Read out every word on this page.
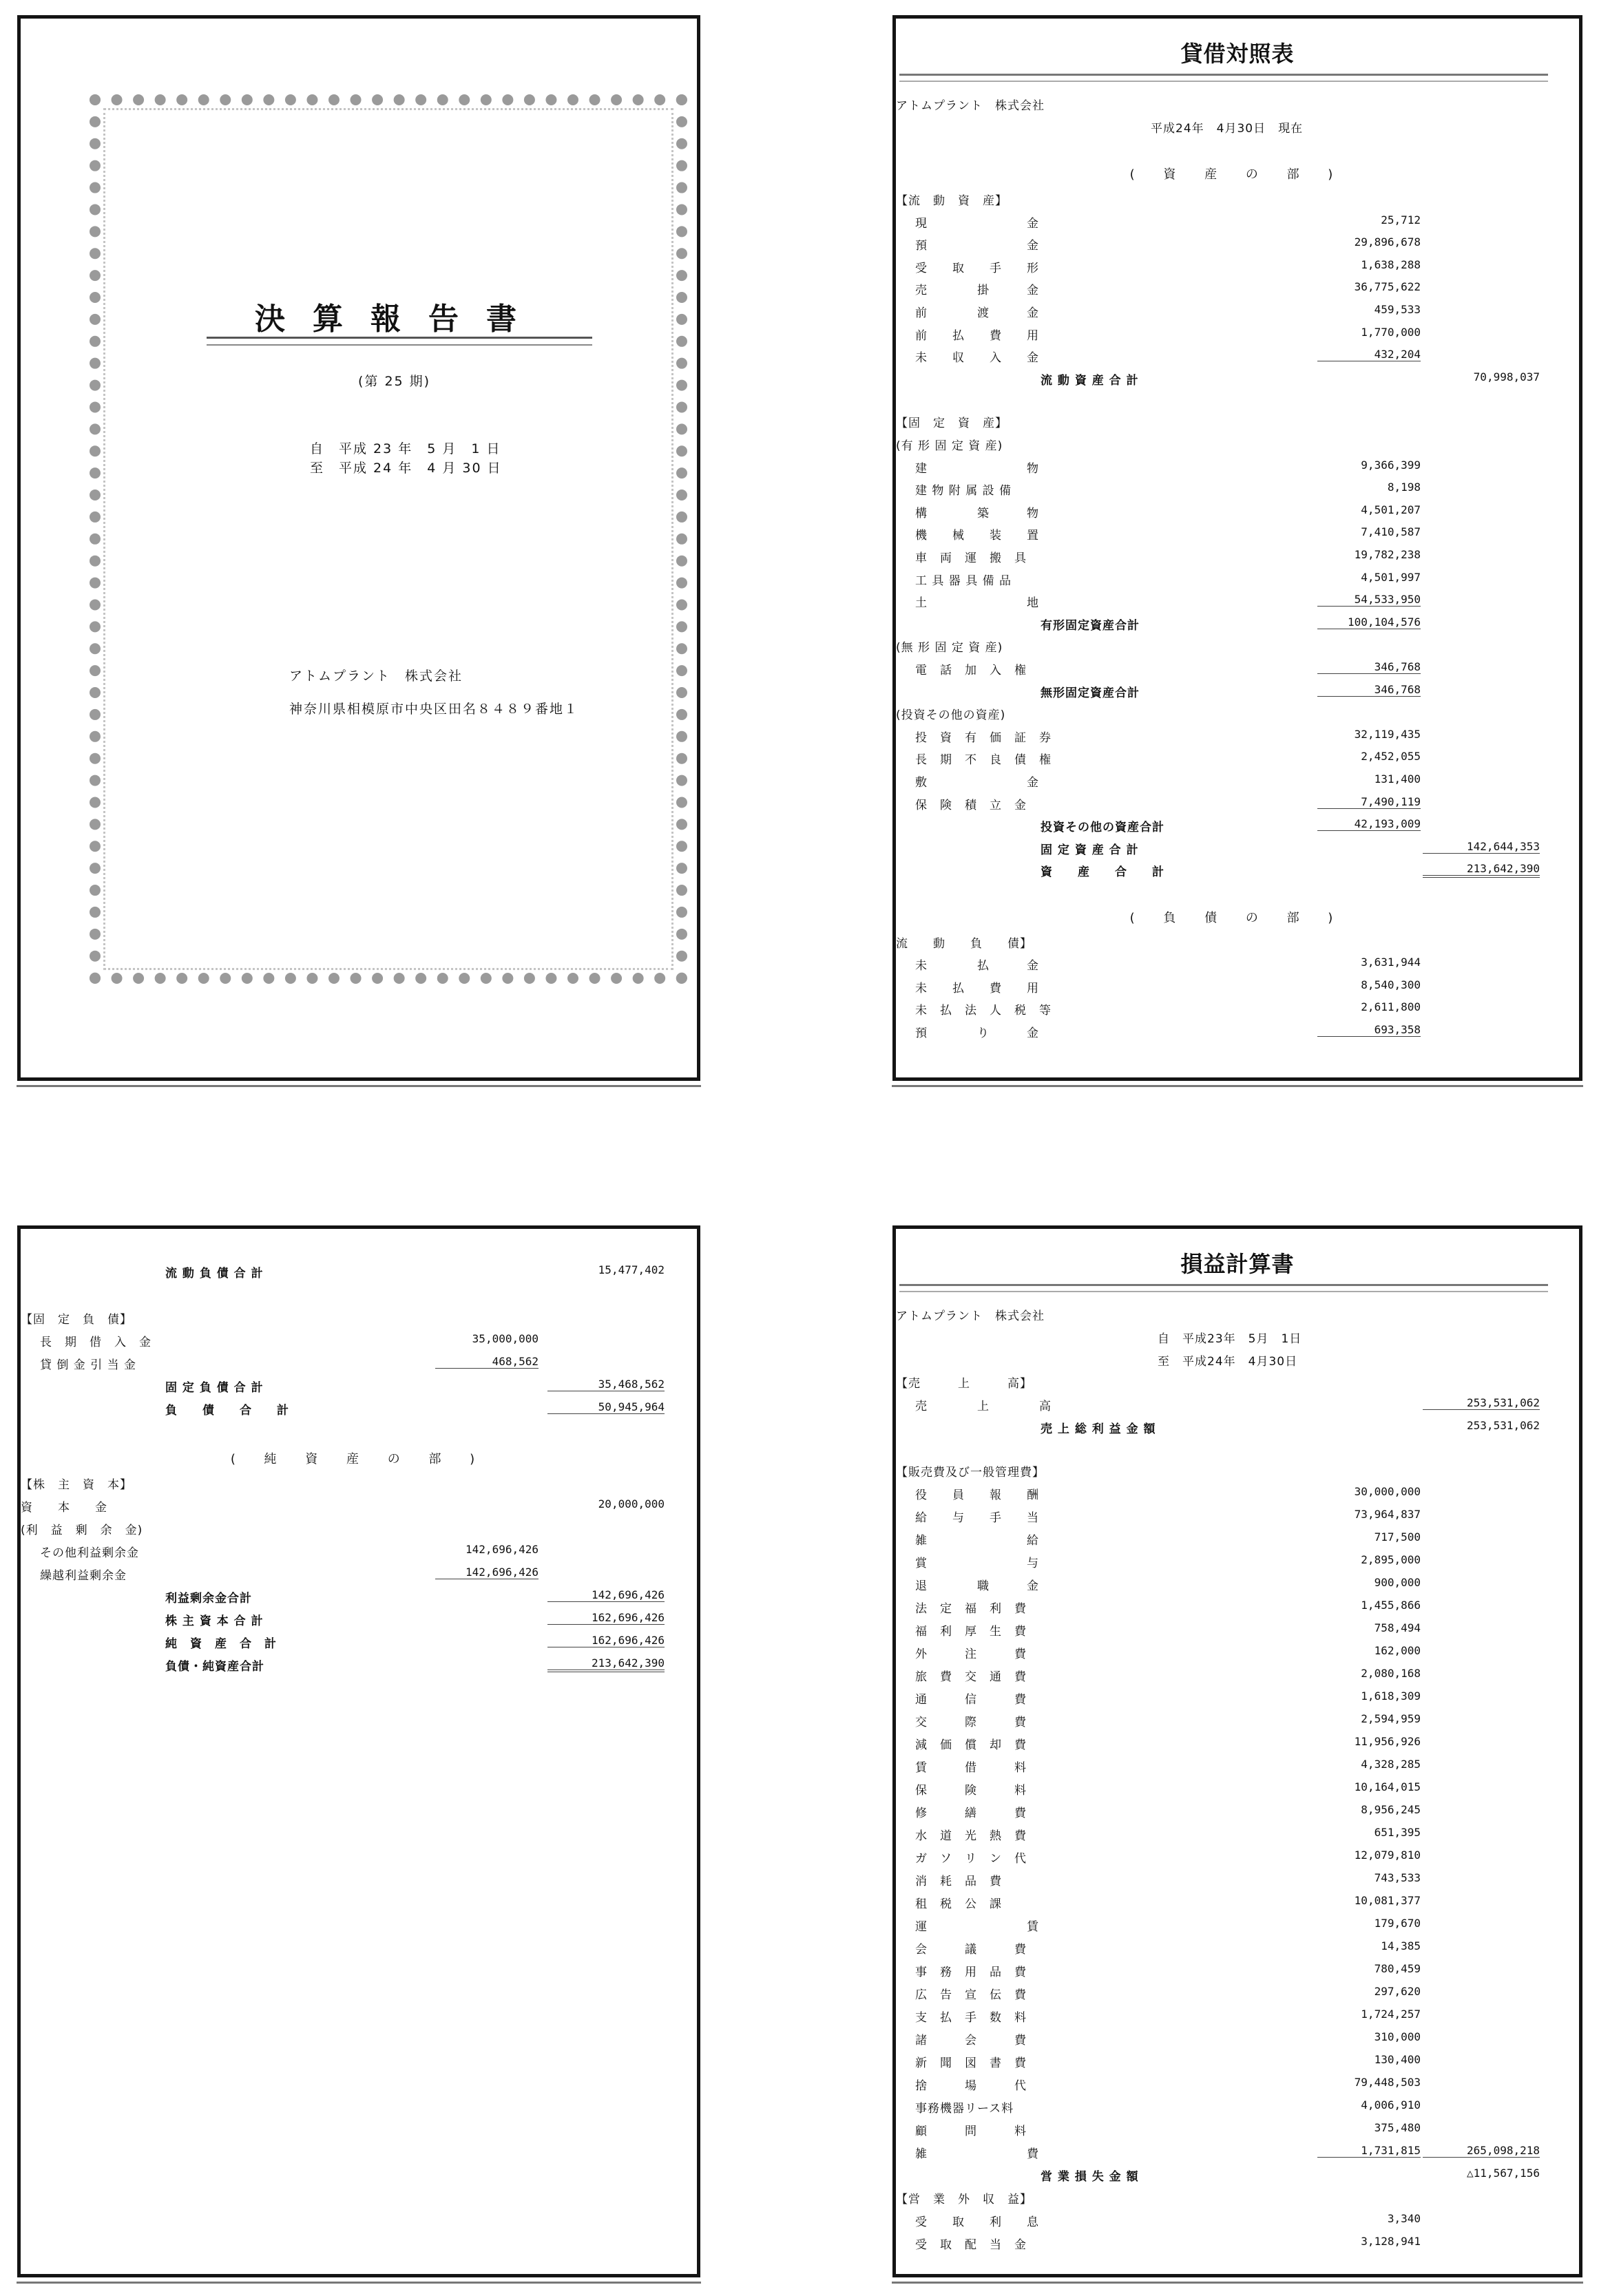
決算報告書
(第 25 期)
自　平成 23 年　5 月　1 日
至　平成 24 年　4 月 30 日
アトムプラント　株式会社
神奈川県相模原市中央区田名８４８９番地１
貸借対照表
アトムプラント　株式会社
平成24年　4月30日　現在
( 資 産 の 部 )
【流　動　資　産】
現　　　　　　　　金	25,712
預　　　　　　　　金	29,896,678
受　　取　　手　　形	1,638,288
売　　　　掛　　　金	36,775,622
前　　　　渡　　　金	459,533
前　　払　　費　　用	1,770,000
未　　収　　入　　金	432,204
流 動 資 産 合 計	70,998,037
【固　定　資　産】
(有 形 固 定 資 産)
建　　　　　　　　物	9,366,399
建 物 附 属 設 備	8,198
構　　　　築　　　物	4,501,207
機　　械　　装　　置	7,410,587
車　両　運　搬　具	19,782,238
工 具 器 具 備 品	4,501,997
土　　　　　　　　地	54,533,950
有形固定資産合計	100,104,576
(無 形 固 定 資 産)
電　話　加　入　権	346,768
無形固定資産合計	346,768
(投資その他の資産)
投　資　有　価　証　券	32,119,435
長　期　不　良　債　権	2,452,055
敷　　　　　　　　金	131,400
保　険　積　立　金	7,490,119
投資その他の資産合計	42,193,009
固 定 資 産 合 計	142,644,353
資　　産　　合　　計	213,642,390
( 負 債 の 部 )
流　　動　　負　　債】
未　　　　払　　　金	3,631,944
未　　払　　費　　用	8,540,300
未　払　法　人　税　等	2,611,800
預　　　　り　　　金	693,358
流 動 負 債 合 計	15,477,402
【固　定　負　債】
長　期　借　入　金	35,000,000
貸 倒 金 引 当 金	468,562
固 定 負 債 合 計	35,468,562
負　　債　　合　　計	50,945,964
( 純 資 産 の 部 )
【株　主　資　本】
資　　本　　金	20,000,000
(利　益　剰　余　金)
その他利益剰余金	142,696,426
繰越利益剰余金	142,696,426
利益剰余金合計	142,696,426
株 主 資 本 合 計	162,696,426
純　資　産　合　計	162,696,426
負債・純資産合計	213,642,390
損益計算書
アトムプラント　株式会社
自　平成23年　5月　1日
至　平成24年　4月30日
【売　　　上　　　高】
売　　　　上　　　　高	253,531,062
売 上 総 利 益 金 額	253,531,062
【販売費及び一般管理費】
役　　員　　報　　酬	30,000,000
給　　与　　手　　当	73,964,837
雑　　　　　　　　給	717,500
賞　　　　　　　　与	2,895,000
退　　　　職　　　金	900,000
法　定　福　利　費	1,455,866
福　利　厚　生　費	758,494
外　　　注　　　費	162,000
旅　費　交　通　費	2,080,168
通　　　信　　　費	1,618,309
交　　　際　　　費	2,594,959
減　価　償　却　費	11,956,926
賃　　　借　　　料	4,328,285
保　　　険　　　料	10,164,015
修　　　繕　　　費	8,956,245
水　道　光　熱　費	651,395
ガ　ソ　リ　ン　代	12,079,810
消　耗　品　費	743,533
租　税　公　課	10,081,377
運　　　　　　　　賃	179,670
会　　　議　　　費	14,385
事　務　用　品　費	780,459
広　告　宣　伝　費	297,620
支　払　手　数　料	1,724,257
諸　　　会　　　費	310,000
新　聞　図　書　費	130,400
捨　　　場　　　代	79,448,503
事務機器リース料	4,006,910
顧　　　問　　　料	375,480
雑　　　　　　　　費	1,731,815	265,098,218
営 業 損 失 金 額	△11,567,156
【営　業　外　収　益】
受　　取　　利　　息	3,340
受　取　配　当　金	3,128,941
